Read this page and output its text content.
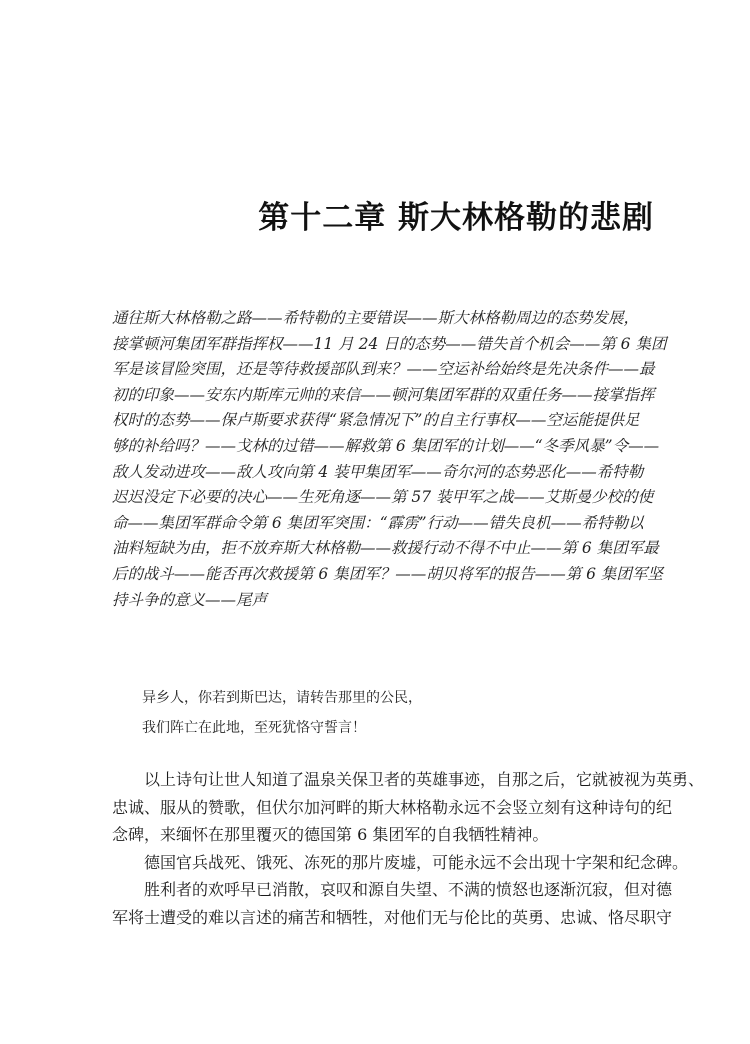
第十二章 斯大林格勒的悲剧
通往斯大林格勒之路——希特勒的主要错误——斯大林格勒周边的态势发展，
接掌顿河集团军群指挥权——11 月 24 日的态势——错失首个机会——第 6 集团
军是该冒险突围，还是等待救援部队到来？——空运补给始终是先决条件——最
初的印象——安东内斯库元帅的来信——顿河集团军群的双重任务——接掌指挥
权时的态势——保卢斯要求获得“紧急情况下”的自主行事权——空运能提供足
够的补给吗？——戈林的过错——解救第 6 集团军的计划——“冬季风暴”令——
敌人发动进攻——敌人攻向第 4 装甲集团军——奇尔河的态势恶化——希特勒
迟迟没定下必要的决心——生死角逐——第 57 装甲军之战——艾斯曼少校的使
命——集团军群命令第 6 集团军突围：“霹雳”行动——错失良机——希特勒以
油料短缺为由，拒不放弃斯大林格勒——救援行动不得不中止——第 6 集团军最
后的战斗——能否再次救援第 6 集团军？——胡贝将军的报告——第 6 集团军坚
持斗争的意义——尾声
异乡人，你若到斯巴达，请转告那里的公民，
我们阵亡在此地，至死犹恪守誓言！
以上诗句让世人知道了温泉关保卫者的英雄事迹，自那之后，它就被视为英勇、
忠诚、服从的赞歌，但伏尔加河畔的斯大林格勒永远不会竖立刻有这种诗句的纪
念碑，来缅怀在那里覆灭的德国第 6 集团军的自我牺牲精神。
德国官兵战死、饿死、冻死的那片废墟，可能永远不会出现十字架和纪念碑。
胜利者的欢呼早已消散，哀叹和源自失望、不满的愤怒也逐渐沉寂，但对德
军将士遭受的难以言述的痛苦和牺牲，对他们无与伦比的英勇、忠诚、恪尽职守
